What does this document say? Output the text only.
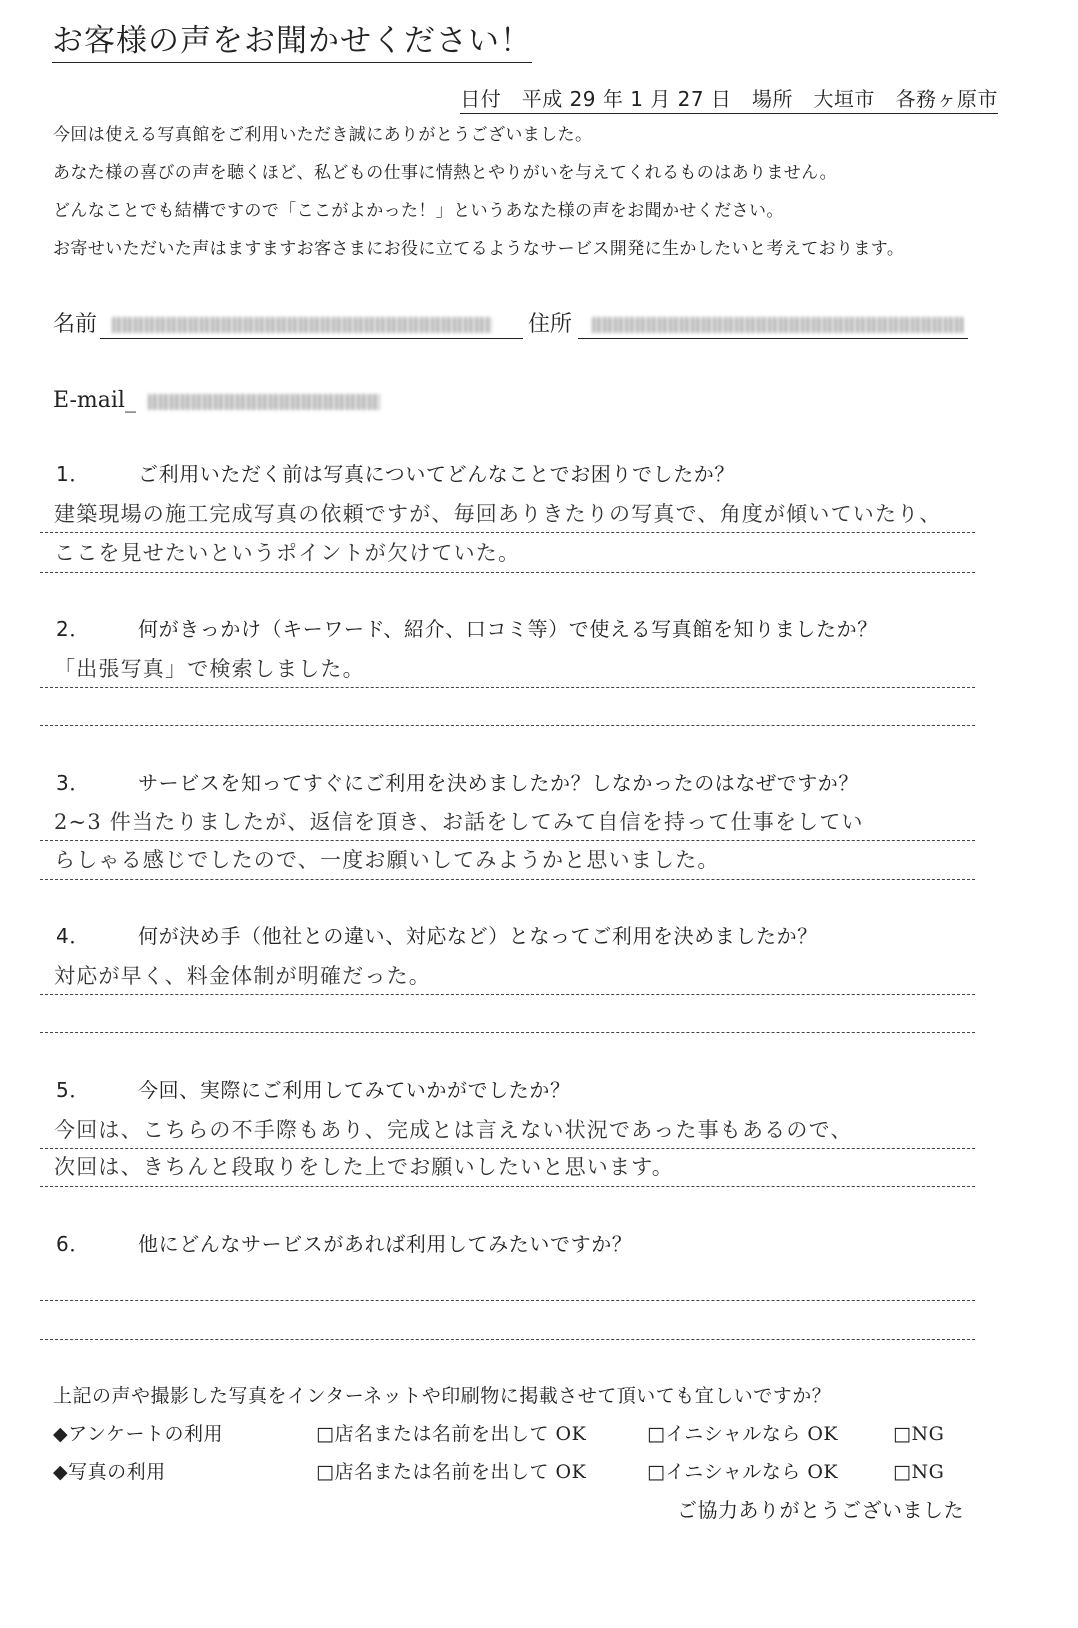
お客様の声をお聞かせください！
日付　平成 29 年 1 月 27 日　場所　大垣市　各務ヶ原市
今回は使える写真館をご利用いただき誠にありがとうございました。
あなた様の喜びの声を聴くほど、私どもの仕事に情熱とやりがいを与えてくれるものはありません。
どんなことでも結構ですので「ここがよかった！」というあなた様の声をお聞かせください。
お寄せいただいた声はますますお客さまにお役に立てるようなサービス開発に生かしたいと考えております。
名前	住所
E-mail_
1． ご利用いただく前は写真についてどんなことでお困りでしたか？
建築現場の施工完成写真の依頼ですが、毎回ありきたりの写真で、角度が傾いていたり、
ここを見せたいというポイントが欠けていた。
2． 何がきっかけ（キーワード、紹介、口コミ等）で使える写真館を知りましたか？
「出張写真」で検索しました。
3． サービスを知ってすぐにご利用を決めましたか？しなかったのはなぜですか？
2~3 件当たりましたが、返信を頂き、お話をしてみて自信を持って仕事をしてい
らしゃる感じでしたので、一度お願いしてみようかと思いました。
4． 何が決め手（他社との違い、対応など）となってご利用を決めましたか？
対応が早く、料金体制が明確だった。
5． 今回、実際にご利用してみていかがでしたか？
今回は、こちらの不手際もあり、完成とは言えない状況であった事もあるので、
次回は、きちんと段取りをした上でお願いしたいと思います。
6． 他にどんなサービスがあれば利用してみたいですか？
上記の声や撮影した写真をインターネットや印刷物に掲載させて頂いても宜しいですか？
◆アンケートの利用	□店名または名前を出して OK	□イニシャルなら OK	□NG
◆写真の利用	□店名または名前を出して OK	□イニシャルなら OK	□NG
ご協力ありがとうございました
